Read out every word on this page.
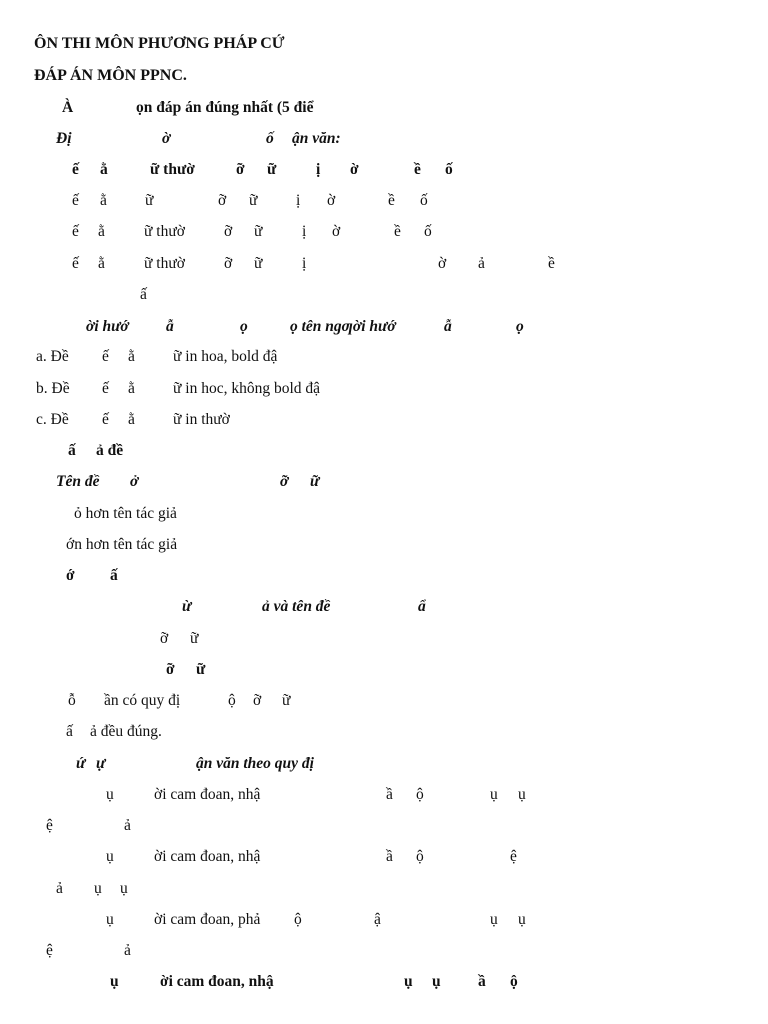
ÔN THI MÔN PHƯƠNG PHÁP CỨ
ĐÁP ÁN MÔN PPNC.
À	ọn đáp án đúng nhất (5 điể
Đị	ờ	ố ận văn:
ế ằ	ữ thườ	ỡ ữ	ị ờ	ề ố
ế ằ ữ	ỡ ữ ị ờ	ề ố
ế ằ	ữ thườ	ỡ ữ	ị ờ	ề ố
ế ằ	ữ thườ	ỡ ữ	ị	ờ ả	ề
ấ
ời hướ ẫ	ọ	ọ tên ngƣời hướ	ẫ	ọ
a. Đề ế ằ ữ in hoa, bold đậ
b. Đề ế ằ ữ in hoc, không bold đậ
c. Đề ế ằ ữ in thườ
ấ ả đề
Tên đề ở	ỡ ữ
ỏ hơn tên tác giả
ớn hơn tên tác giả
ớ ấ
ừ	ả và tên đề	ẩ
ỡ ữ
ỡ ữ
ỗ ần có quy đị	ộ ỡ ữ
ấ ả đều đúng.
ứ ự	ận văn theo quy đị
ụ	ời cam đoan, nhậ	ầ ộ	ụ ụ
ệ	ả
ụ	ời cam đoan, nhậ	ầ ộ	ệ
ả ụ ụ
ụ	ời cam đoan, phả ộ	ậ	ụ ụ
ệ	ả
ụ	ời cam đoan, nhậ	ụ ụ ầ ộ
